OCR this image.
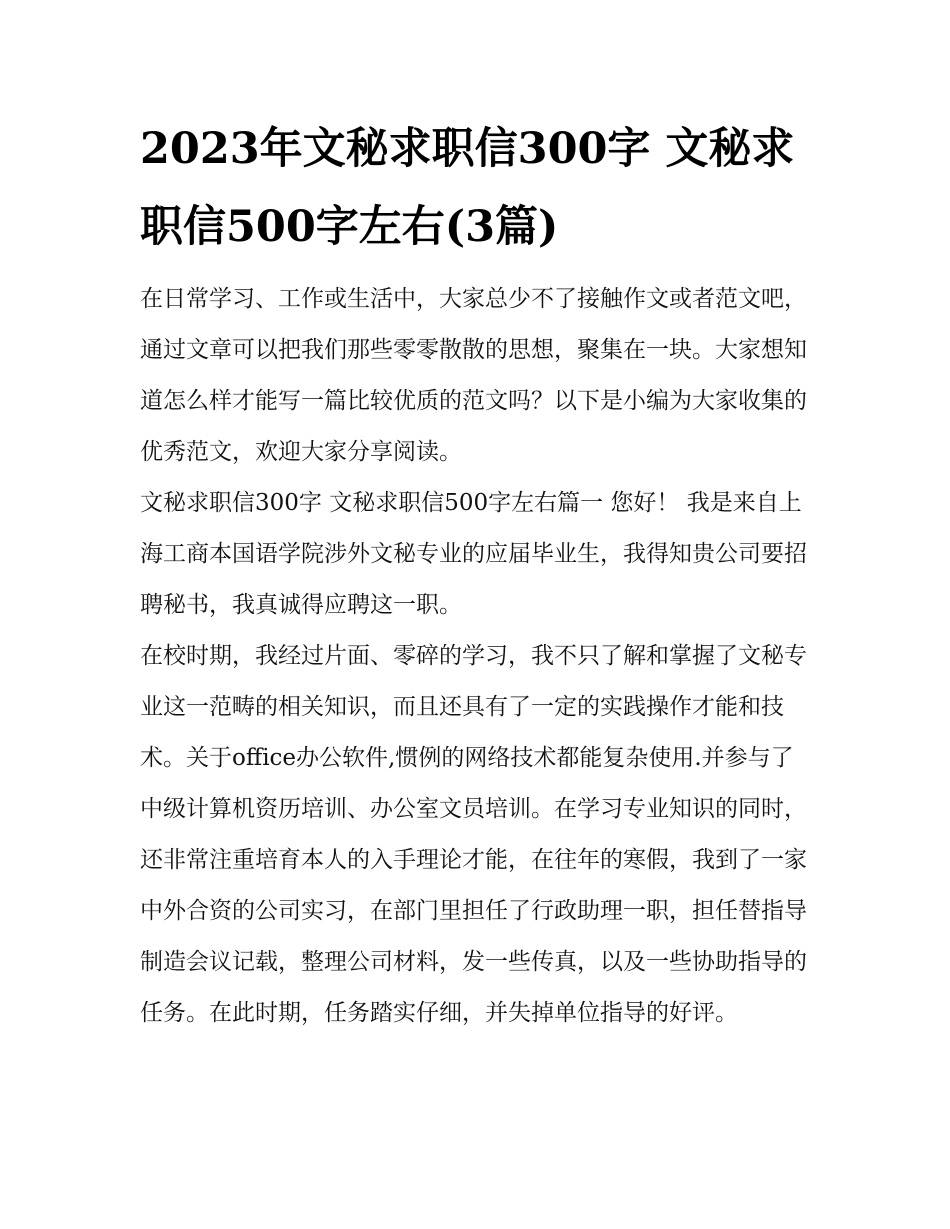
2023年文秘求职信300字 文秘求职信500字左右(3篇)

在日常学习、工作或生活中，大家总少不了接触作文或者范文吧，通过文章可以把我们那些零零散散的思想，聚集在一块。大家想知道怎么样才能写一篇比较优质的范文吗？以下是小编为大家收集的优秀范文，欢迎大家分享阅读。

文秘求职信300字 文秘求职信500字左右篇一 您好！ 我是来自上海工商本国语学院涉外文秘专业的应届毕业生，我得知贵公司要招聘秘书，我真诚得应聘这一职。

在校时期，我经过片面、零碎的学习，我不只了解和掌握了文秘专业这一范畴的相关知识，而且还具有了一定的实践操作才能和技术。关于office办公软件,惯例的网络技术都能复杂使用.并参与了中级计算机资历培训、办公室文员培训。在学习专业知识的同时，还非常注重培育本人的入手理论才能，在往年的寒假，我到了一家中外合资的公司实习，在部门里担任了行政助理一职，担任替指导制造会议记载，整理公司材料，发一些传真，以及一些协助指导的任务。在此时期，任务踏实仔细，并失掉单位指导的好评。
